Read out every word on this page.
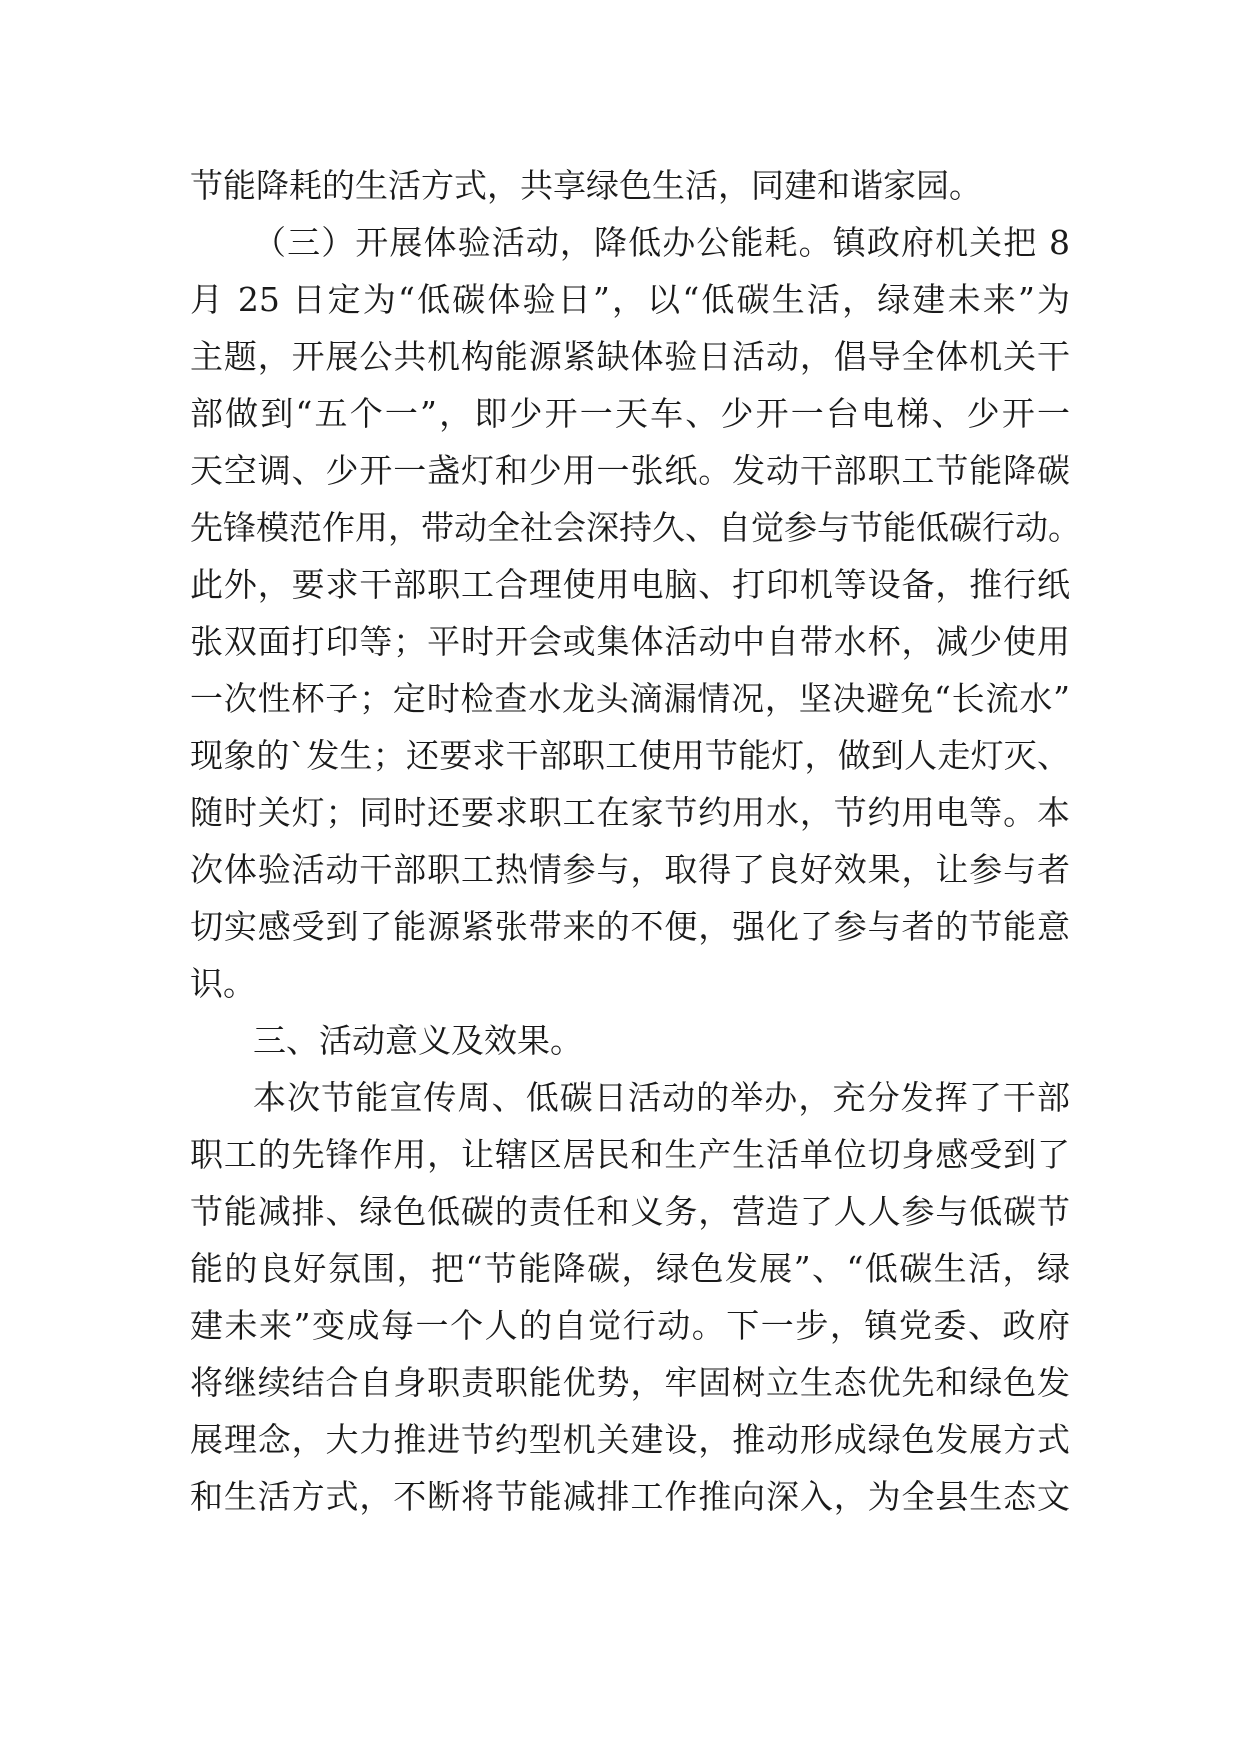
节能降耗的生活方式，共享绿色生活，同建和谐家园。
（三）开展体验活动，降低办公能耗。镇政府机关把 8
月 25 日定为“低碳体验日”，以“低碳生活，绿建未来”为
主题，开展公共机构能源紧缺体验日活动，倡导全体机关干
部做到“五个一”，即少开一天车、少开一台电梯、少开一
天空调、少开一盏灯和少用一张纸。发动干部职工节能降碳
先锋模范作用，带动全社会深持久、自觉参与节能低碳行动。
此外，要求干部职工合理使用电脑、打印机等设备，推行纸
张双面打印等；平时开会或集体活动中自带水杯，减少使用
一次性杯子；定时检查水龙头滴漏情况，坚决避免“长流水”
现象的`发生；还要求干部职工使用节能灯，做到人走灯灭、
随时关灯；同时还要求职工在家节约用水，节约用电等。本
次体验活动干部职工热情参与，取得了良好效果，让参与者
切实感受到了能源紧张带来的不便，强化了参与者的节能意
识。
三、活动意义及效果。
本次节能宣传周、低碳日活动的举办，充分发挥了干部
职工的先锋作用，让辖区居民和生产生活单位切身感受到了
节能减排、绿色低碳的责任和义务，营造了人人参与低碳节
能的良好氛围，把“节能降碳，绿色发展”、“低碳生活，绿
建未来”变成每一个人的自觉行动。下一步，镇党委、政府
将继续结合自身职责职能优势，牢固树立生态优先和绿色发
展理念，大力推进节约型机关建设，推动形成绿色发展方式
和生活方式，不断将节能减排工作推向深入，为全县生态文
